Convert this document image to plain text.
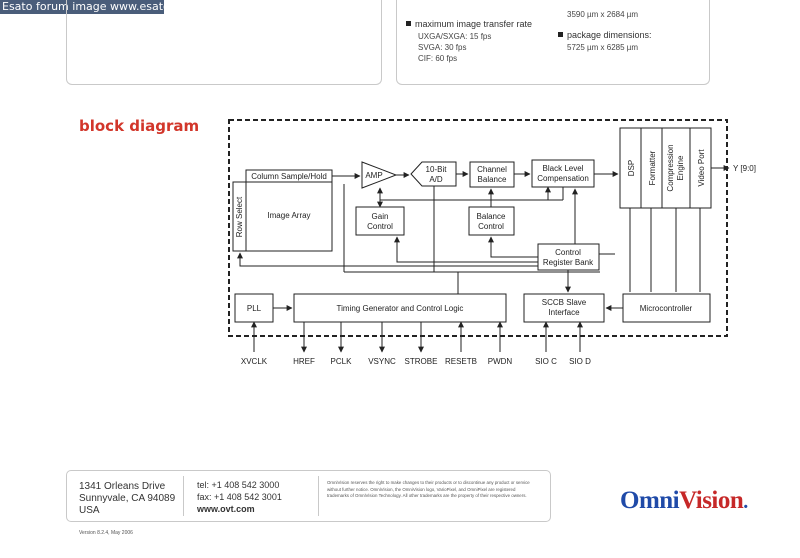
Esato forum image www.esato.com
3590 µm x 2684 µm
maximum image transfer rate
UXGA/SXGA: 15 fps
SVGA: 30 fps
CIF: 60 fps
package dimensions:
5725 µm x 6285 µm
block diagram
Column Sample/Hold
Image Array
Row Select
AMP
10-Bit
A/D
Channel
Balance
Black Level
Compensation
Gain
Control
Balance
Control
Control
Register Bank
DSP Formatter Compression Engine Video Port
PLL	Timing Generator and Control Logic
SCCB Slave
Interface	Microcontroller
Y [9:0]
XVCLK	HREF PCLK VSYNC STROBE RESETB PWDN	SIO C SIO D
1341 Orleans Drive
Sunnyvale, CA 94089
USA
tel: +1 408 542 3000
fax: +1 408 542 3001
www.ovt.com
OmniVision reserves the right to make changes to their products or to discontinue any product or service without further notice. OmniVision, the OmniVision logo, VarioPixel, and OmniPixel are registered trademarks of OmniVision Technology. All other trademarks are the property of their respective owners.
Version 8.2.4, May 2006
OmniVision.
